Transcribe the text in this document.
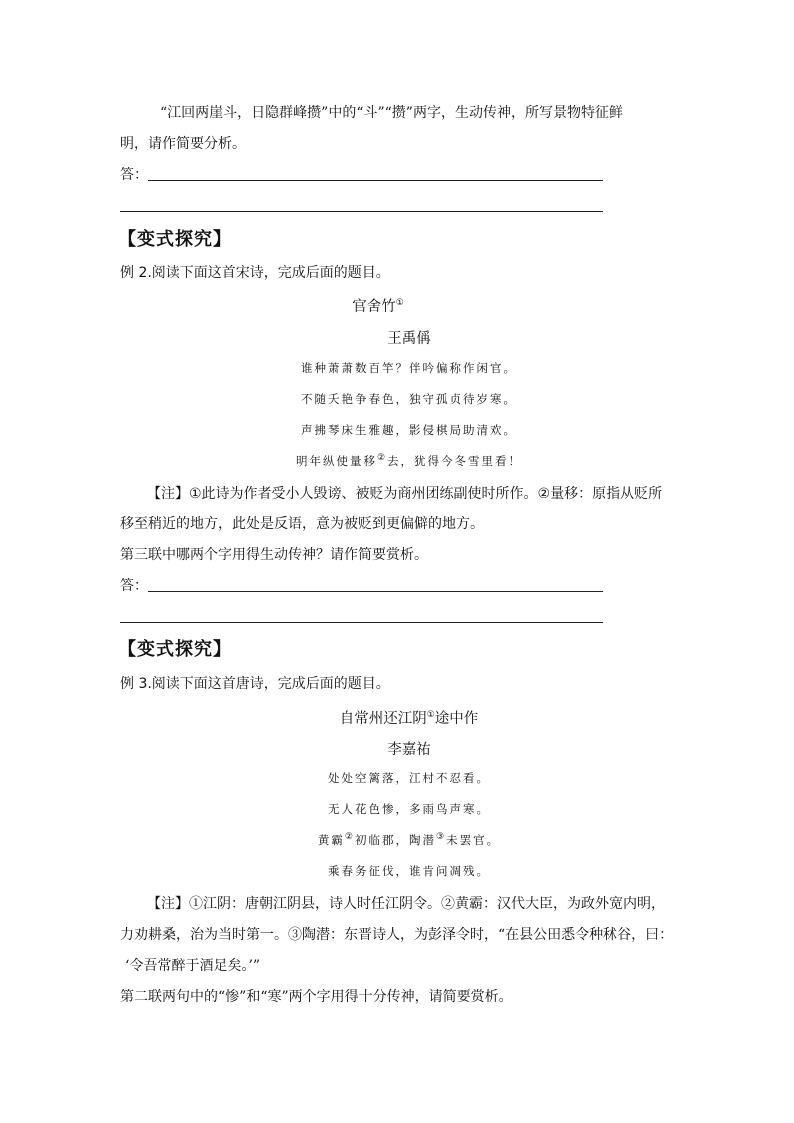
“江回两崖斗，日隐群峰攒”中的“斗”“攒”两字，生动传神，所写景物特征鲜
明，请作简要分析。
答：
【变式探究】
例 2.阅读下面这首宋诗，完成后面的题目。
官舍竹①
王禹偁
谁种萧萧数百竿？伴吟偏称作闲官。
不随夭艳争春色，独守孤贞待岁寒。
声拂琴床生雅趣，影侵棋局助清欢。
明年纵使量移②去，犹得今冬雪里看！
【注】①此诗为作者受小人毁谤、被贬为商州团练副使时所作。②量移：原指从贬所
移至稍近的地方，此处是反语，意为被贬到更偏僻的地方。
第三联中哪两个字用得生动传神？请作简要赏析。
答：
【变式探究】
例 3.阅读下面这首唐诗，完成后面的题目。
自常州还江阴①途中作
李嘉祐
处处空篱落，江村不忍看。
无人花色惨，多雨鸟声寒。
黄霸②初临郡，陶潜③未罢官。
乘春务征伐，谁肯问凋残。
【注】①江阴：唐朝江阴县，诗人时任江阴令。②黄霸：汉代大臣，为政外宽内明，
力劝耕桑，治为当时第一。③陶潜：东晋诗人，为彭泽令时，“在县公田悉令种秫谷，曰：
‘令吾常醉于酒足矣。’”
第二联两句中的“惨”和“寒”两个字用得十分传神，请简要赏析。
